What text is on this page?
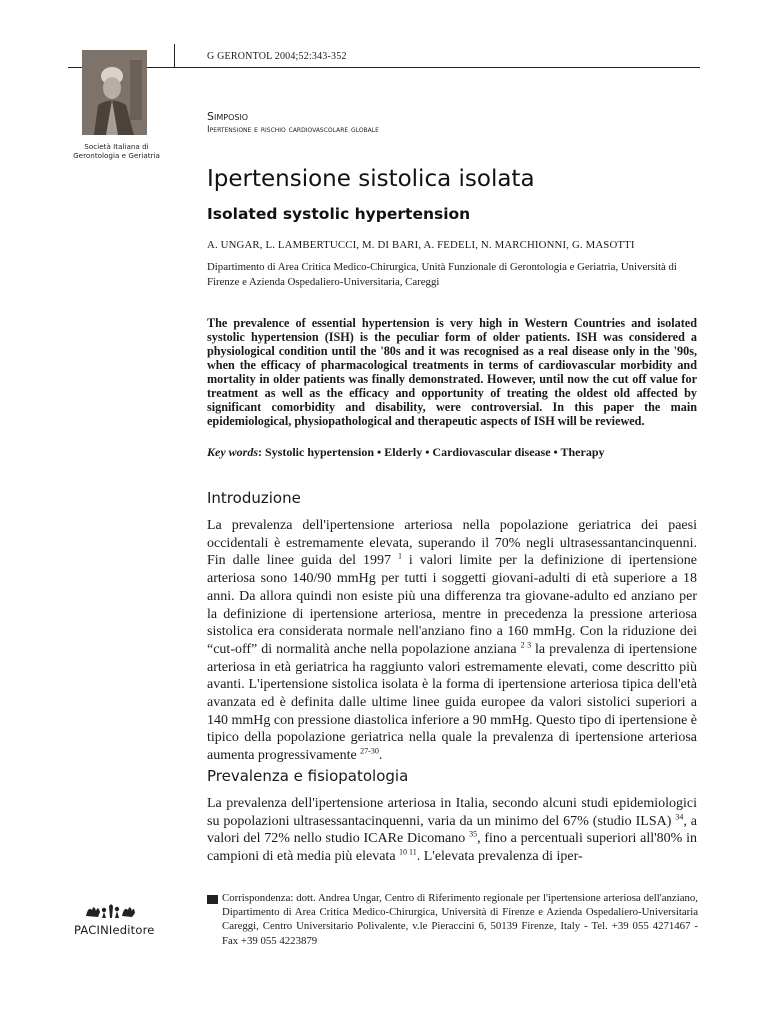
G GERONTOL 2004;52:343-352
Società Italiana di Gerontologia e Geriatria
Simposio
Ipertensione e rischio cardiovascolare globale
Ipertensione sistolica isolata
Isolated systolic hypertension
A. UNGAR, L. LAMBERTUCCI, M. DI BARI, A. FEDELI, N. MARCHIONNI, G. MASOTTI
Dipartimento di Area Critica Medico-Chirurgica, Unità Funzionale di Gerontologia e Geriatria, Università di Firenze e Azienda Ospedaliero-Universitaria, Careggi
The prevalence of essential hypertension is very high in Western Countries and isolated systolic hypertension (ISH) is the peculiar form of older patients. ISH was considered a physiological condition until the '80s and it was recognised as a real disease only in the '90s, when the efficacy of pharmacological treatments in terms of cardiovascular morbidity and mortality in older patients was finally demonstrated. However, until now the cut off value for treatment as well as the efficacy and opportunity of treating the oldest old affected by significant comorbidity and disability, were controversial. In this paper the main epidemiological, physiopathological and therapeutic aspects of ISH will be reviewed.
Key words: Systolic hypertension • Elderly • Cardiovascular disease • Therapy
Introduzione

La prevalenza dell'ipertensione arteriosa nella popolazione geriatrica dei paesi occidentali è estremamente elevata, superando il 70% negli ultrasessantancinquenni. Fin dalle linee guida del 1997 $^1$ i valori limite per la definizione di ipertensione arteriosa sono 140/90 mmHg per tutti i soggetti giovani-adulti di età superiore a 18 anni. Da allora quindi non esiste più una differenza tra giovane-adulto ed anziano per la definizione di ipertensione arteriosa, mentre in precedenza la pressione arteriosa sistolica era considerata normale nell'anziano fino a 160 mmHg. Con la riduzione dei “cut-off” di normalità anche nella popolazione anziana $^{2 3}$ la prevalenza di ipertensione arteriosa in età geriatrica ha raggiunto valori estremamente elevati, come descritto più avanti. L'ipertensione sistolica isolata è la forma di ipertensione arteriosa tipica dell'età avanzata ed è definita dalle ultime linee guida europee da valori sistolici superiori a 140 mmHg con pressione diastolica inferiore a 90 mmHg. Questo tipo di ipertensione è tipico della popolazione geriatrica nella quale la prevalenza di ipertensione arteriosa aumenta progressivamente $^{27-30}$.

Prevalenza e fisiopatologia

La prevalenza dell'ipertensione arteriosa in Italia, secondo alcuni studi epidemiologici su popolazioni ultrasessantacinquenni, varia da un minimo del 67% (studio ILSA) $^{34}$, a valori del 72% nello studio ICARe Dicomano $^{35}$, fino a percentuali superiori all'80% in campioni di età media più elevata $^{10 11}$. L'elevata prevalenza di iper-

Corrispondenza: dott. Andrea Ungar, Centro di Riferimento regionale per l'ipertensione arteriosa dell'anziano, Dipartimento di Area Critica Medico-Chirurgica, Università di Firenze e Azienda Ospedaliero-Universitaria Careggi, Centro Universitario Polivalente, v.le Pieraccini 6, 50139 Firenze, Italy - Tel. +39 055 4271467 - Fax +39 055 4223879
PACINIeditore
